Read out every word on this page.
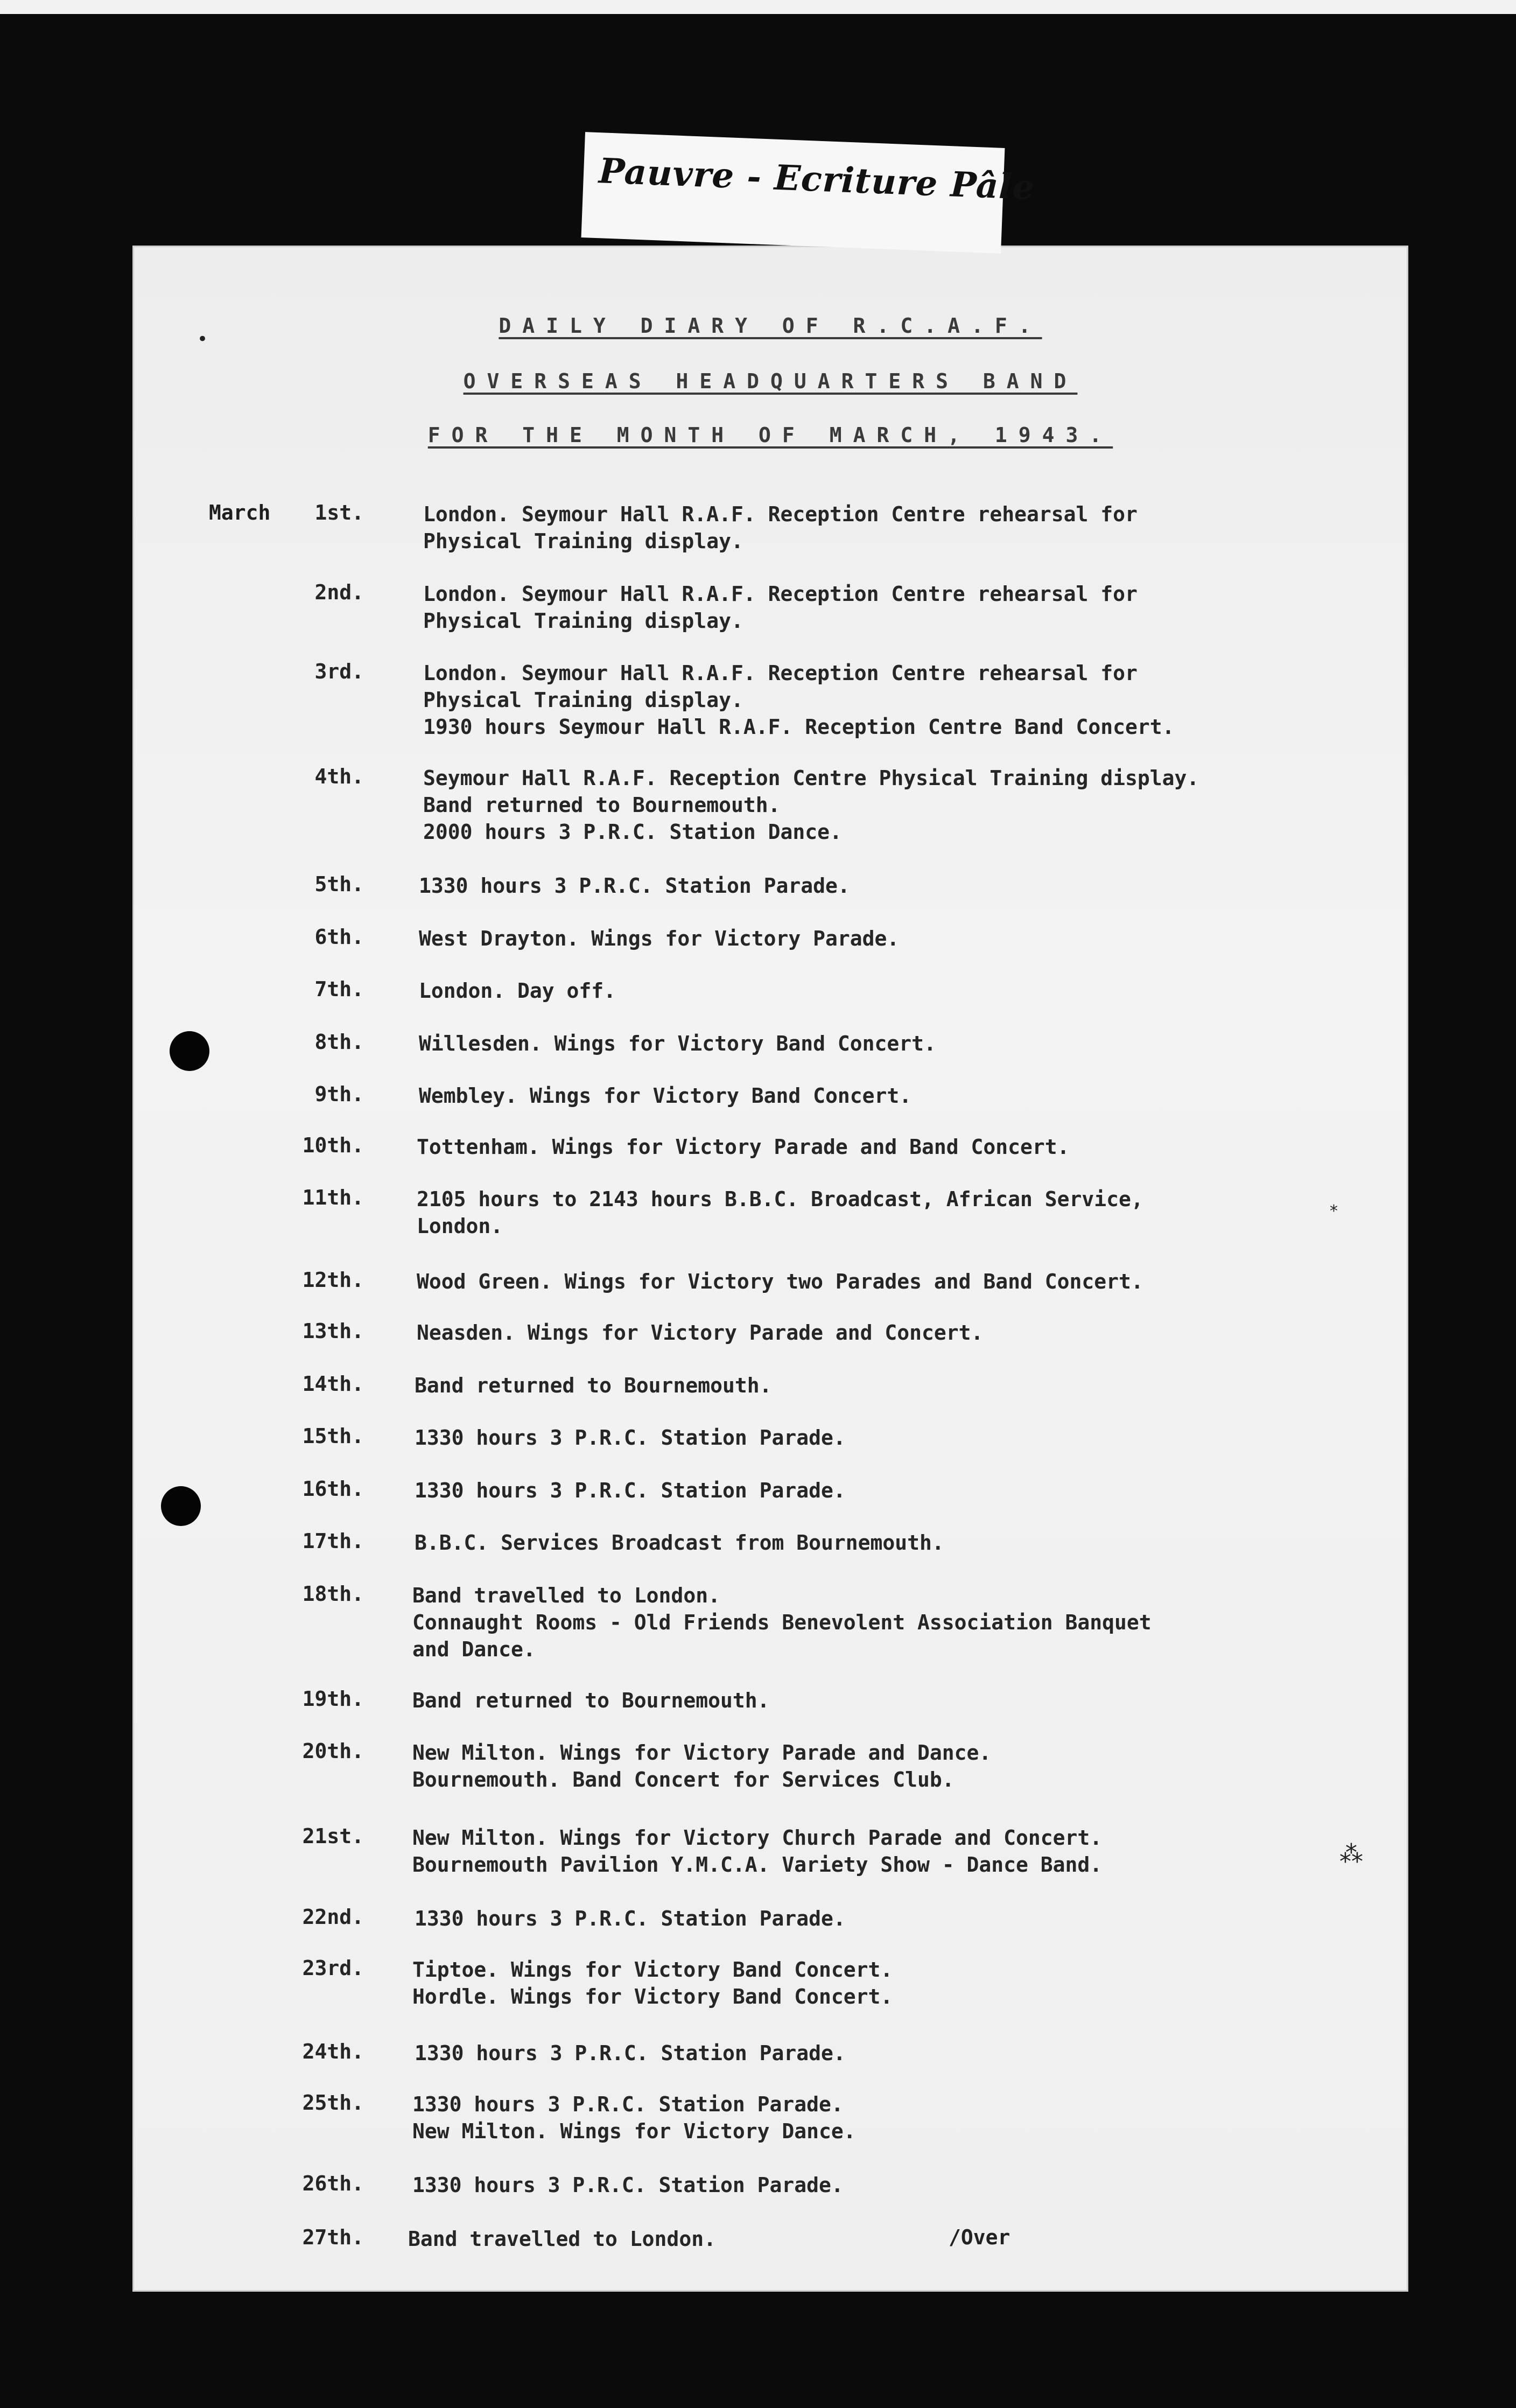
Pauvre - Ecriture Pâle
•
*
⁂
DAILY DIARY OF R.C.A.F.
OVERSEAS HEADQUARTERS BAND
FOR THE MONTH OF MARCH, 1943.
March 1st.	London. Seymour Hall R.A.F. Reception Centre rehearsal for
Physical Training display.
2nd.	London. Seymour Hall R.A.F. Reception Centre rehearsal for
Physical Training display.
3rd.	London. Seymour Hall R.A.F. Reception Centre rehearsal for
Physical Training display.
1930 hours Seymour Hall R.A.F. Reception Centre Band Concert.
4th.	Seymour Hall R.A.F. Reception Centre Physical Training display.
Band returned to Bournemouth.
2000 hours 3 P.R.C. Station Dance.
5th.	1330 hours 3 P.R.C. Station Parade.
6th.	West Drayton. Wings for Victory Parade.
7th.	London. Day off.
8th.	Willesden. Wings for Victory Band Concert.
9th.	Wembley. Wings for Victory Band Concert.
10th.	Tottenham. Wings for Victory Parade and Band Concert.
11th.	2105 hours to 2143 hours B.B.C. Broadcast, African Service,
London.
12th.	Wood Green. Wings for Victory two Parades and Band Concert.
13th.	Neasden. Wings for Victory Parade and Concert.
14th. Band returned to Bournemouth.
15th. 1330 hours 3 P.R.C. Station Parade.
16th. 1330 hours 3 P.R.C. Station Parade.
17th. B.B.C. Services Broadcast from Bournemouth.
18th. Band travelled to London.
Connaught Rooms - Old Friends Benevolent Association Banquet
and Dance.
19th. Band returned to Bournemouth.
20th. New Milton. Wings for Victory Parade and Dance.
Bournemouth. Band Concert for Services Club.
21st. New Milton. Wings for Victory Church Parade and Concert.
Bournemouth Pavilion Y.M.C.A. Variety Show - Dance Band.
22nd. 1330 hours 3 P.R.C. Station Parade.
23rd. Tiptoe. Wings for Victory Band Concert.
Hordle. Wings for Victory Band Concert.
24th. 1330 hours 3 P.R.C. Station Parade.
25th. 1330 hours 3 P.R.C. Station Parade.
New Milton. Wings for Victory Dance.
26th. 1330 hours 3 P.R.C. Station Parade.
27th. Band travelled to London.	/Over
